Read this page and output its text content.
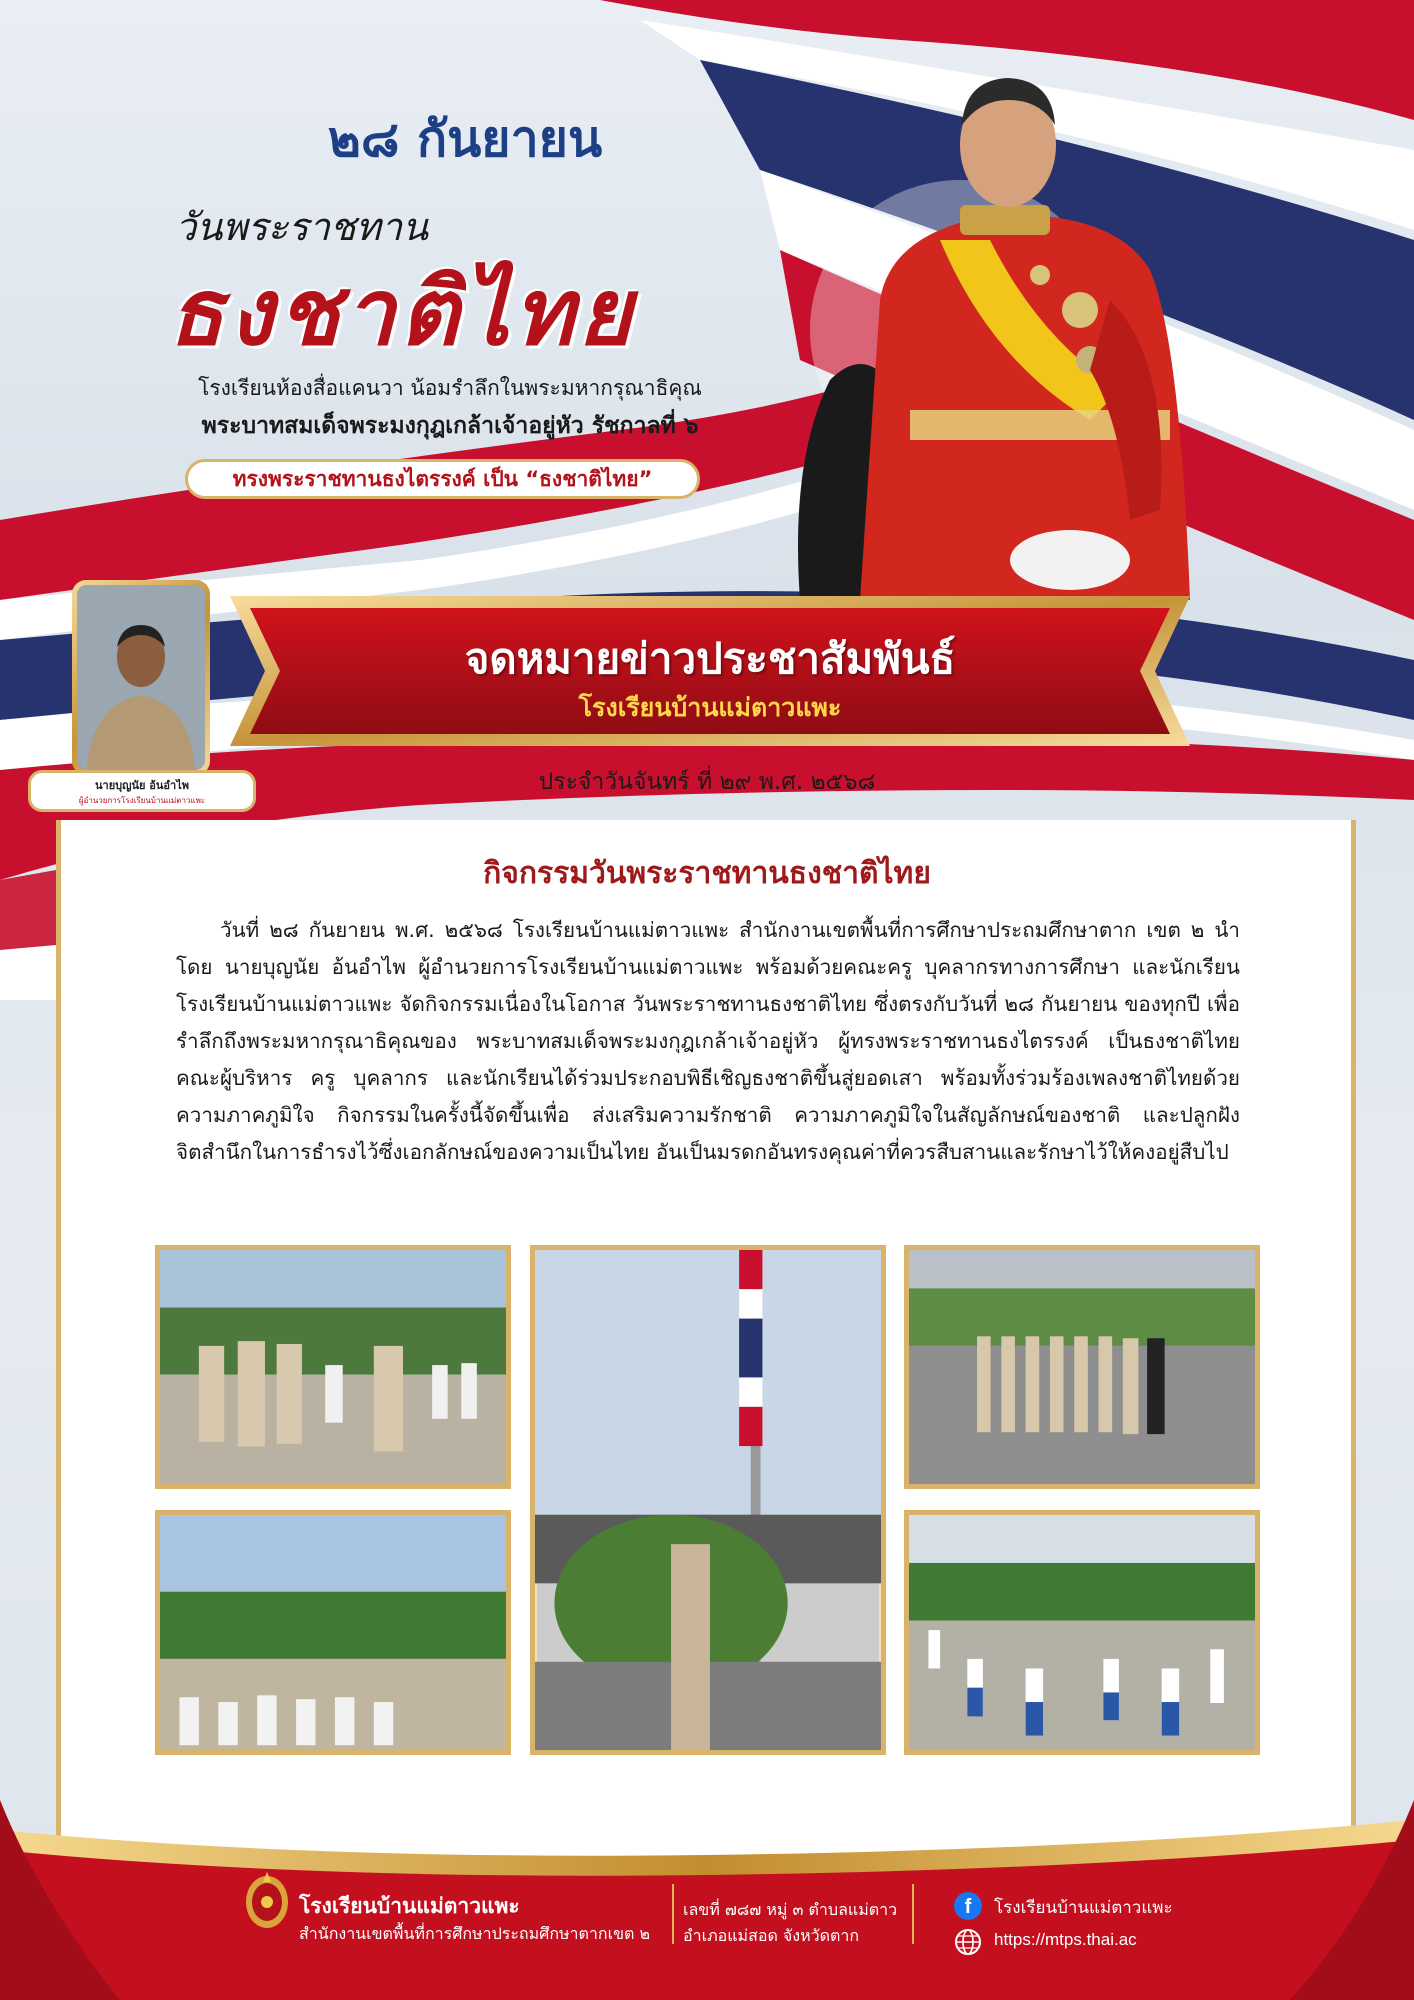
๒๘ กันยายน
วันพระราชทาน
ธงชาติไทย
โรงเรียนห้องสื่อแคนวา น้อมรำลึกในพระมหากรุณาธิคุณ
พระบาทสมเด็จพระมงกุฎเกล้าเจ้าอยู่หัว รัชกาลที่ ๖
ทรงพระราชทานธงไตรรงค์ เป็น “ธงชาติไทย”
นายบุญนัย อ้นอำไพ
ผู้อำนวยการโรงเรียนบ้านแม่ตาวแพะ
จดหมายข่าวประชาสัมพันธ์
โรงเรียนบ้านแม่ตาวแพะ
ประจำวันจันทร์ ที่ ๒๙ พ.ศ. ๒๕๖๘
กิจกรรมวันพระราชทานธงชาติไทย
วันที่ ๒๘ กันยายน พ.ศ. ๒๕๖๘ โรงเรียนบ้านแม่ตาวแพะ สำนักงานเขตพื้นที่การศึกษาประถมศึกษาตาก เขต ๒ นำโดย นายบุญนัย อ้นอำไพ ผู้อำนวยการโรงเรียนบ้านแม่ตาวแพะ พร้อมด้วยคณะครู บุคลากรทางการศึกษา และนักเรียนโรงเรียนบ้านแม่ตาวแพะ จัดกิจกรรมเนื่องในโอกาส วันพระราชทานธงชาติไทย ซึ่งตรงกับวันที่ ๒๘ กันยายน ของทุกปี เพื่อรำลึกถึงพระมหากรุณาธิคุณของ พระบาทสมเด็จพระมงกุฎเกล้าเจ้าอยู่หัว ผู้ทรงพระราชทานธงไตรรงค์ เป็นธงชาติไทย คณะผู้บริหาร ครู บุคลากร และนักเรียนได้ร่วมประกอบพิธีเชิญธงชาติขึ้นสู่ยอดเสา พร้อมทั้งร่วมร้องเพลงชาติไทยด้วยความภาคภูมิใจ กิจกรรมในครั้งนี้จัดขึ้นเพื่อ ส่งเสริมความรักชาติ ความภาคภูมิใจในสัญลักษณ์ของชาติ และปลูกฝังจิตสำนึกในการธำรงไว้ซึ่งเอกลักษณ์ของความเป็นไทย อันเป็นมรดกอันทรงคุณค่าที่ควรสืบสานและรักษาไว้ให้คงอยู่สืบไป
โรงเรียนบ้านแม่ตาวแพะ
สำนักงานเขตพื้นที่การศึกษาประถมศึกษาตากเขต ๒
เลขที่ ๗๘๗ หมู่ ๓ ตำบลแม่ตาว
อำเภอแม่สอด จังหวัดตาก
f	โรงเรียนบ้านแม่ตาวแพะ
https://mtps.thai.ac
